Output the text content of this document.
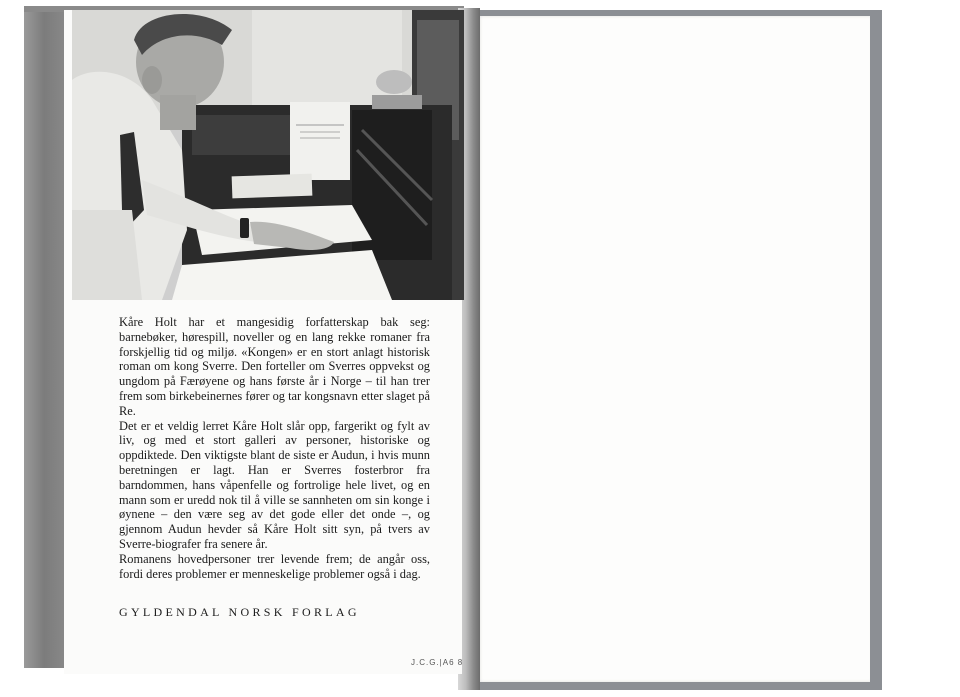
Kåre Holt har et mangesidig forfatterskap bak seg: barnebøker, hørespill, noveller og en lang rekke romaner fra forskjellig tid og miljø. «Kongen» er en stort anlagt historisk roman om kong Sverre. Den forteller om Sverres oppvekst og ungdom på Færøyene og hans første år i Norge – til han trer frem som birkebeinernes fører og tar kongsnavn etter slaget på Re.

Det er et veldig lerret Kåre Holt slår opp, fargerikt og fylt av liv, og med et stort galleri av personer, historiske og oppdiktede. Den viktigste blant de siste er Audun, i hvis munn beretningen er lagt. Han er Sverres fosterbror fra barndommen, hans våpenfelle og fortrolige hele livet, og en mann som er uredd nok til å ville se sannheten om sin konge i øynene – den være seg av det gode eller det onde –, og gjennom Audun hevder så Kåre Holt sitt syn, på tvers av Sverre-biografer fra senere år.

Romanens hovedpersoner trer levende frem; de angår oss, fordi deres problemer er menneskelige problemer også i dag.

GYLDENDAL NORSK FORLAG
J.C.G.|A6 8
